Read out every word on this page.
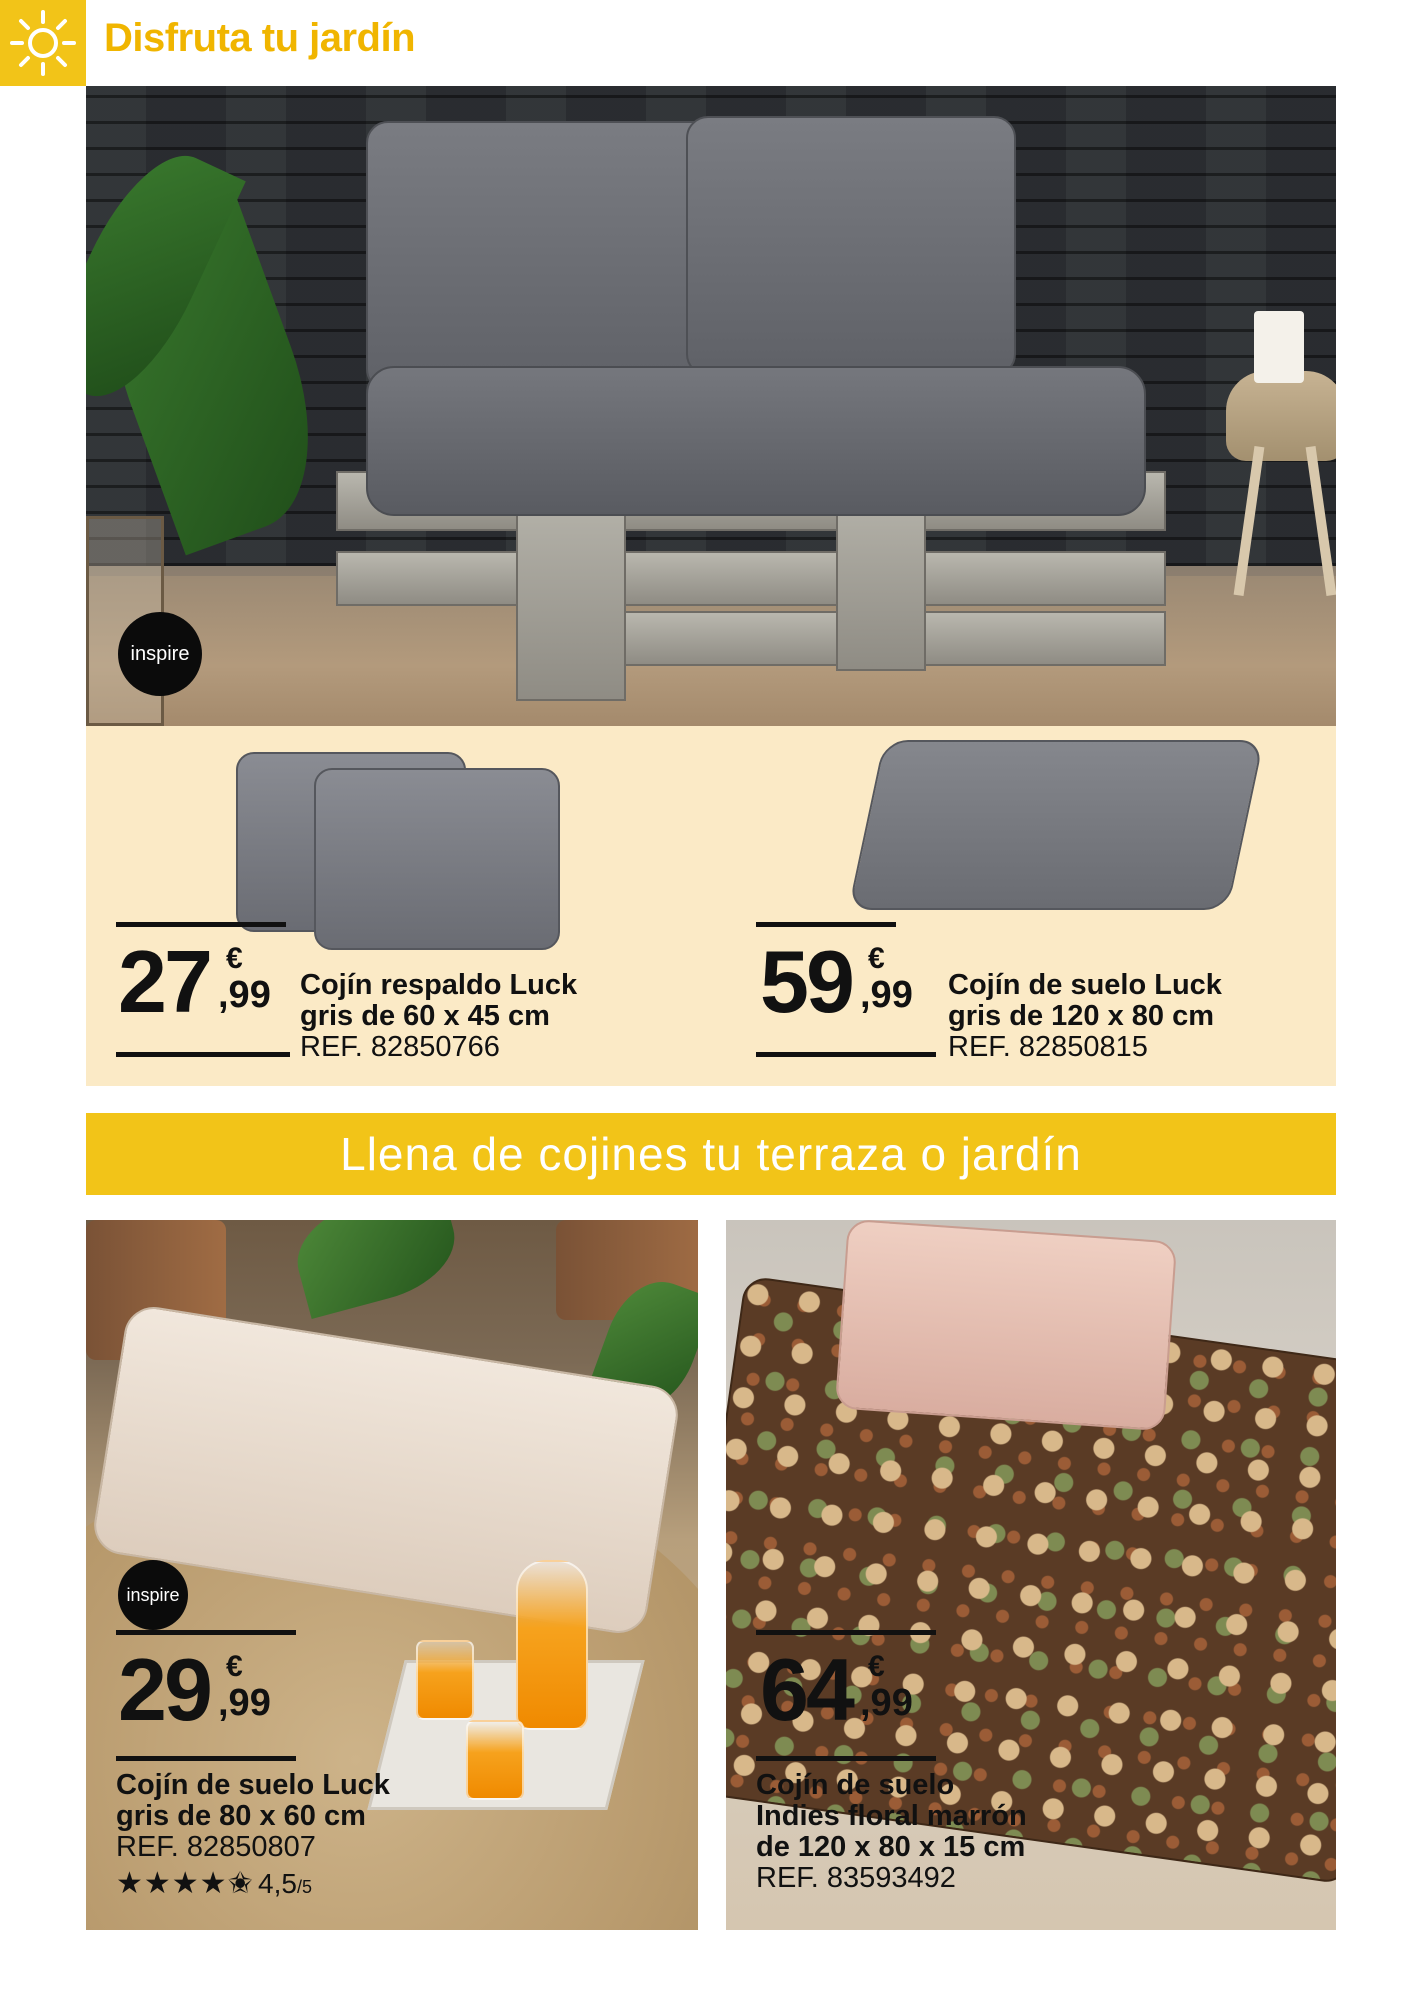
Disfruta tu jardín
inspire
27 €
,99 Cojín respaldo Luck
gris de 60 x 45 cm
REF. 82850766
59 €
,99 Cojín de suelo Luck
gris de 120 x 80 cm
REF. 82850815
Llena de cojines tu terraza o jardín
inspire
29 €
,99
Cojín de suelo Luck
gris de 80 x 60 cm
REF. 82850807
★★★★✬ 4,5/5
64 €
,99
Cojín de suelo
Indies floral marrón
de 120 x 80 x 15 cm
REF. 83593492
